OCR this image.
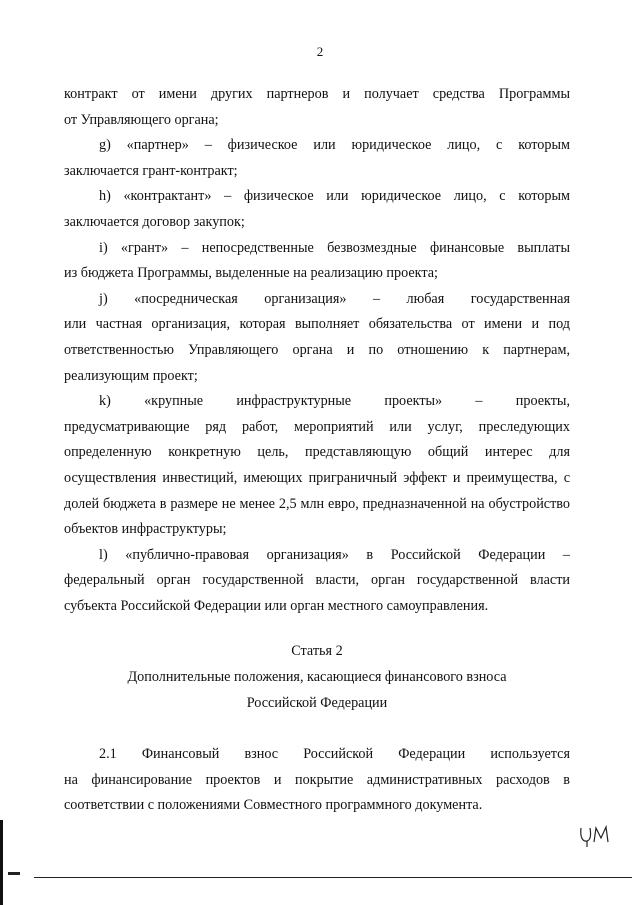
2

контракт от имени других партнеров и получает средства Программы
от Управляющего органа;

g) «партнер» – физическое или юридическое лицо, с которым
заключается грант-контракт;

h) «контрактант» – физическое или юридическое лицо, с которым
заключается договор закупок;

i) «грант» – непосредственные безвозмездные финансовые выплаты
из бюджета Программы, выделенные на реализацию проекта;

j) «посредническая организация» – любая государственная
или частная организация, которая выполняет обязательства от имени и под ответственностью Управляющего органа и по отношению к партнерам, реализующим проект;

k) «крупные инфраструктурные проекты» – проекты,
предусматривающие ряд работ, мероприятий или услуг, преследующих определенную конкретную цель, представляющую общий интерес для осуществления инвестиций, имеющих приграничный эффект и преимущества, с долей бюджета в размере не менее 2,5 млн евро, предназначенной на обустройство объектов инфраструктуры;

l) «публично-правовая организация» в Российской Федерации –
федеральный орган государственной власти, орган государственной власти субъекта Российской Федерации или орган местного самоуправления.

Статья 2
Дополнительные положения, касающиеся финансового взноса
Российской Федерации

2.1 Финансовый взнос Российской Федерации используется
на финансирование проектов и покрытие административных расходов в соответствии с положениями Совместного программного документа.
